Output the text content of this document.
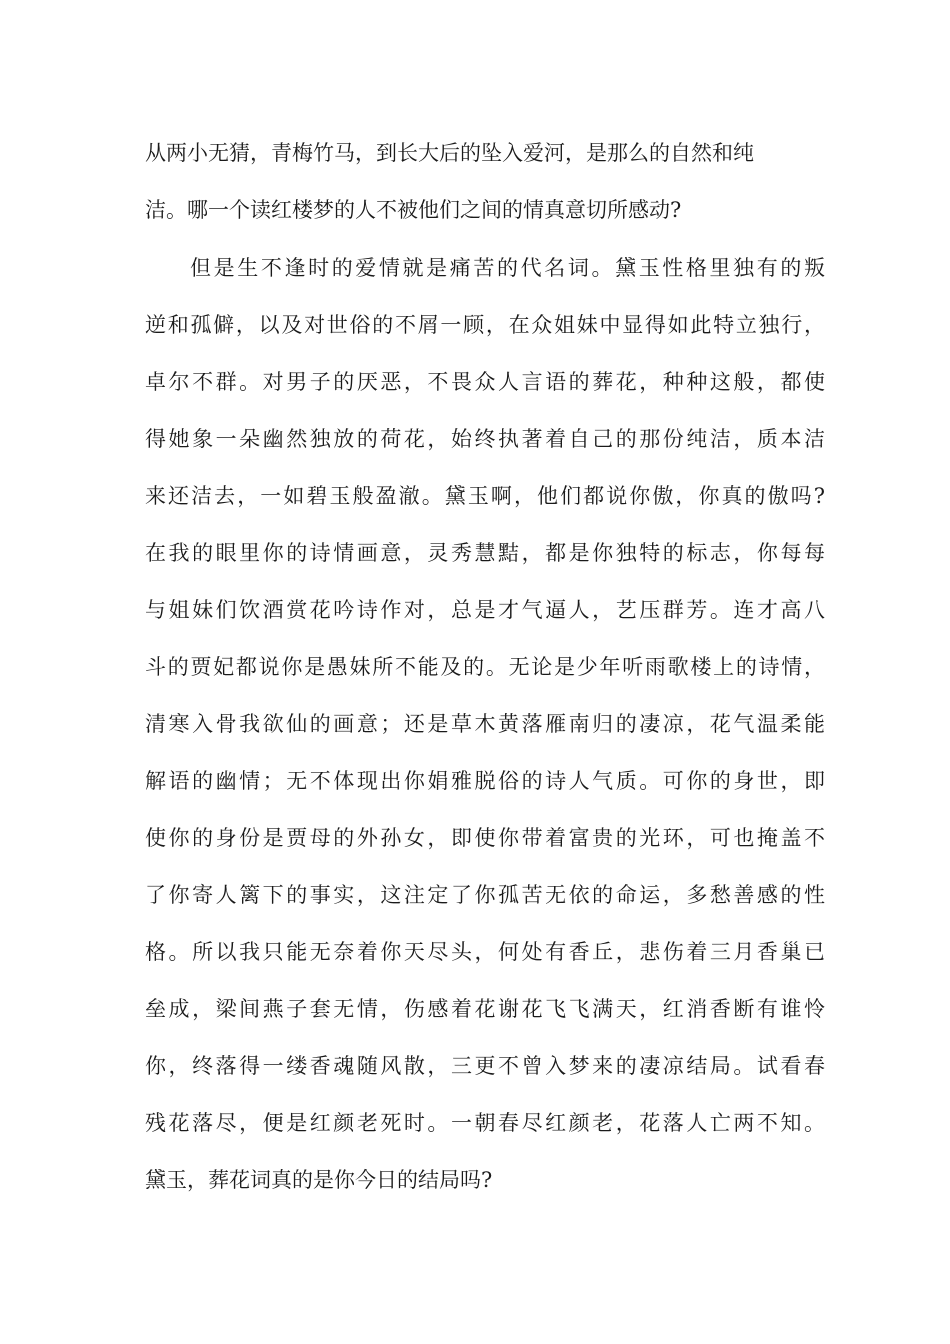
从两小无猜，青梅竹马，到长大后的坠入爱河，是那么的自然和纯

洁。哪一个读红楼梦的人不被他们之间的情真意切所感动?

但是生不逢时的爱情就是痛苦的代名词。黛玉性格里独有的叛

逆和孤僻，以及对世俗的不屑一顾，在众姐妹中显得如此特立独行，

卓尔不群。对男子的厌恶，不畏众人言语的葬花，种种这般，都使

得她象一朵幽然独放的荷花，始终执著着自己的那份纯洁，质本洁

来还洁去，一如碧玉般盈澈。黛玉啊，他们都说你傲，你真的傲吗?

在我的眼里你的诗情画意，灵秀慧黠，都是你独特的标志，你每每

与姐妹们饮酒赏花吟诗作对，总是才气逼人，艺压群芳。连才高八

斗的贾妃都说你是愚妹所不能及的。无论是少年听雨歌楼上的诗情，

清寒入骨我欲仙的画意；还是草木黄落雁南归的凄凉，花气温柔能

解语的幽情；无不体现出你娟雅脱俗的诗人气质。可你的身世，即

使你的身份是贾母的外孙女，即使你带着富贵的光环，可也掩盖不

了你寄人篱下的事实，这注定了你孤苦无依的命运，多愁善感的性

格。所以我只能无奈着你天尽头，何处有香丘，悲伤着三月香巢已

垒成，梁间燕子套无情，伤感着花谢花飞飞满天，红消香断有谁怜

你，终落得一缕香魂随风散，三更不曾入梦来的凄凉结局。试看春

残花落尽，便是红颜老死时。一朝春尽红颜老，花落人亡两不知。

黛玉，葬花词真的是你今日的结局吗?
